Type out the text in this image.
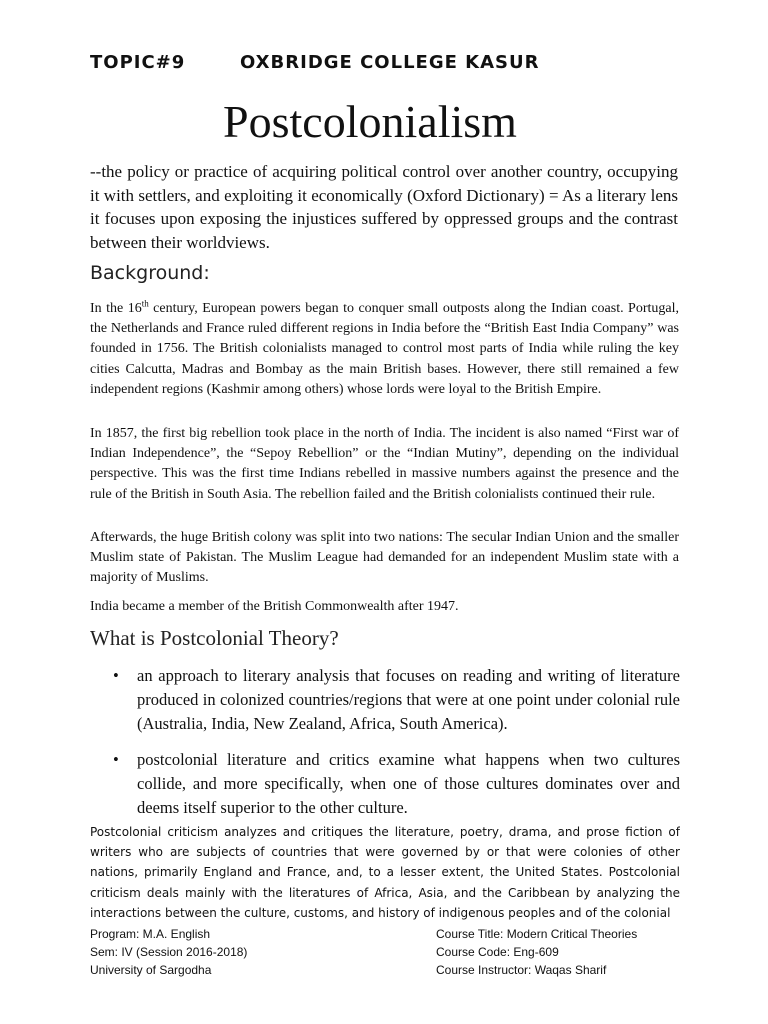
TOPIC#9	OXBRIDGE COLLEGE KASUR
Postcolonialism

--the policy or practice of acquiring political control over another country, occupying it with settlers, and exploiting it economically (Oxford Dictionary) = As a literary lens it focuses upon exposing the injustices suffered by oppressed groups and the contrast between their worldviews.

Background:

In the 16th century, European powers began to conquer small outposts along the Indian coast. Portugal, the Netherlands and France ruled different regions in India before the “British East India Company” was founded in 1756. The British colonialists managed to control most parts of India while ruling the key cities Calcutta, Madras and Bombay as the main British bases. However, there still remained a few independent regions (Kashmir among others) whose lords were loyal to the British Empire.

In 1857, the first big rebellion took place in the north of India. The incident is also named “First war of Indian Independence”, the “Sepoy Rebellion” or the “Indian Mutiny”, depending on the individual perspective. This was the first time Indians rebelled in massive numbers against the presence and the rule of the British in South Asia. The rebellion failed and the British colonialists continued their rule.

Afterwards, the huge British colony was split into two nations: The secular Indian Union and the smaller Muslim state of Pakistan. The Muslim League had demanded for an independent Muslim state with a majority of Muslims.

India became a member of the British Commonwealth after 1947.

What is Postcolonial Theory?
• an approach to literary analysis that focuses on reading and writing of literature produced in colonized countries/regions that were at one point under colonial rule (Australia, India, New Zealand, Africa, South America).
• postcolonial literature and critics examine what happens when two cultures collide, and more specifically, when one of those cultures dominates over and deems itself superior to the other culture.

Postcolonial criticism analyzes and critiques the literature, poetry, drama, and prose fiction of writers who are subjects of countries that were governed by or that were colonies of other nations, primarily England and France, and, to a lesser extent, the United States. Postcolonial criticism deals mainly with the literatures of Africa, Asia, and the Caribbean by analyzing the interactions between the culture, customs, and history of indigenous peoples and of the colonial

Program: M.A. English
Sem: IV (Session 2016-2018)
University of Sargodha
Course Title: Modern Critical Theories
Course Code: Eng-609
Course Instructor: Waqas Sharif
